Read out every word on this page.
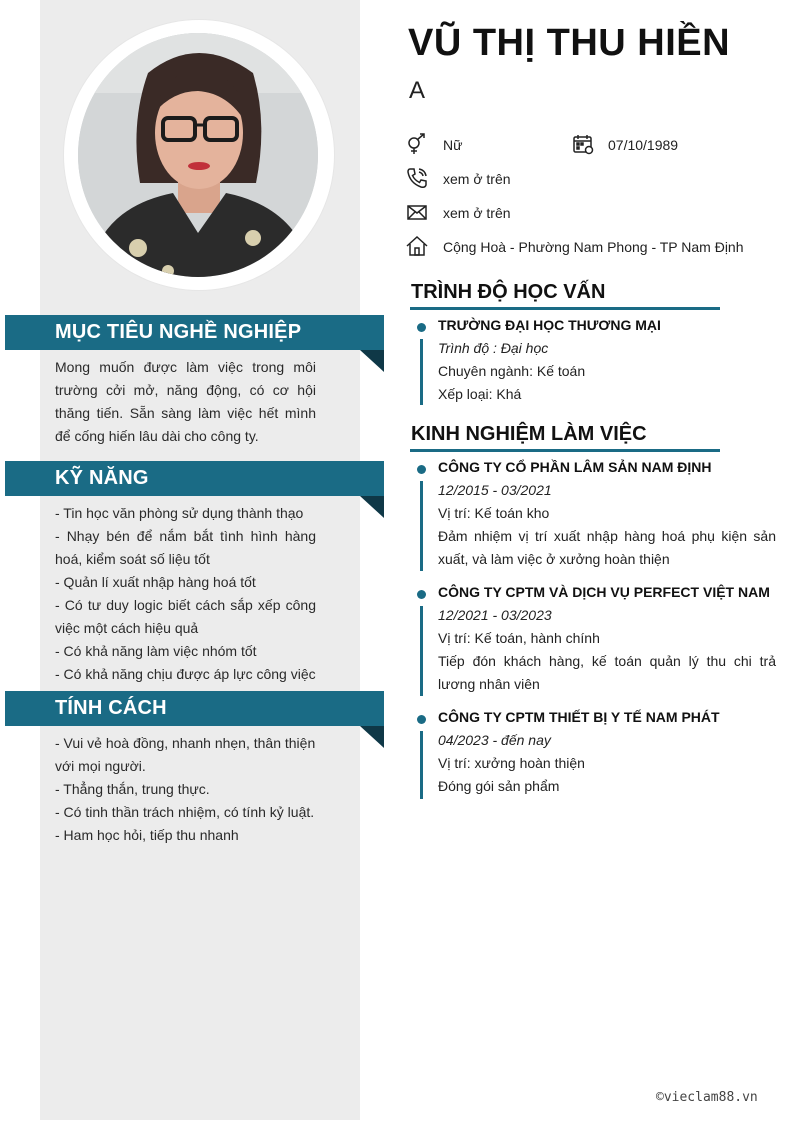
MỤC TIÊU NGHỀ NGHIỆP

Mong muốn được làm việc trong môi trường cởi mở, năng động, có cơ hội thăng tiến. Sẵn sàng làm việc hết mình để cống hiến lâu dài cho công ty.

KỸ NĂNG

- Tin học văn phòng sử dụng thành thạo

- Nhạy bén để nắm bắt tình hình hàng hoá, kiểm soát số liệu tốt

- Quản lí xuất nhập hàng hoá tốt

- Có tư duy logic biết cách sắp xếp công việc một cách hiệu quả

- Có khả năng làm việc nhóm tốt

- Có khả năng chịu được áp lực công việc

TÍNH CÁCH

- Vui vẻ hoà đồng, nhanh nhẹn, thân thiện với mọi người.

- Thẳng thắn, trung thực.

- Có tinh thần trách nhiệm, có tính kỷ luật.

- Ham học hỏi, tiếp thu nhanh

VŨ THỊ THU HIỀN
A
Nữ	07/10/1989
xem ở trên
xem ở trên
Cộng Hoà - Phường Nam Phong - TP Nam Định
TRÌNH ĐỘ HỌC VẤN
TRƯỜNG ĐẠI HỌC THƯƠNG MẠI
Trình độ : Đại học
Chuyên ngành: Kế toán
Xếp loại: Khá
KINH NGHIỆM LÀM VIỆC
CÔNG TY CỔ PHẦN LÂM SẢN NAM ĐỊNH
12/2015 - 03/2021
Vị trí: Kế toán kho
Đảm nhiệm vị trí xuất nhập hàng hoá phụ kiện sản xuất, và làm việc ở xưởng hoàn thiện
CÔNG TY CPTM VÀ DỊCH VỤ PERFECT VIỆT NAM
12/2021 - 03/2023
Vị trí: Kế toán, hành chính
Tiếp đón khách hàng, kế toán quản lý thu chi trả lương nhân viên
CÔNG TY CPTM THIẾT BỊ Y TẾ NAM PHÁT
04/2023 - đến nay
Vị trí: xưởng hoàn thiện
Đóng gói sản phẩm
©vieclam88.vn
